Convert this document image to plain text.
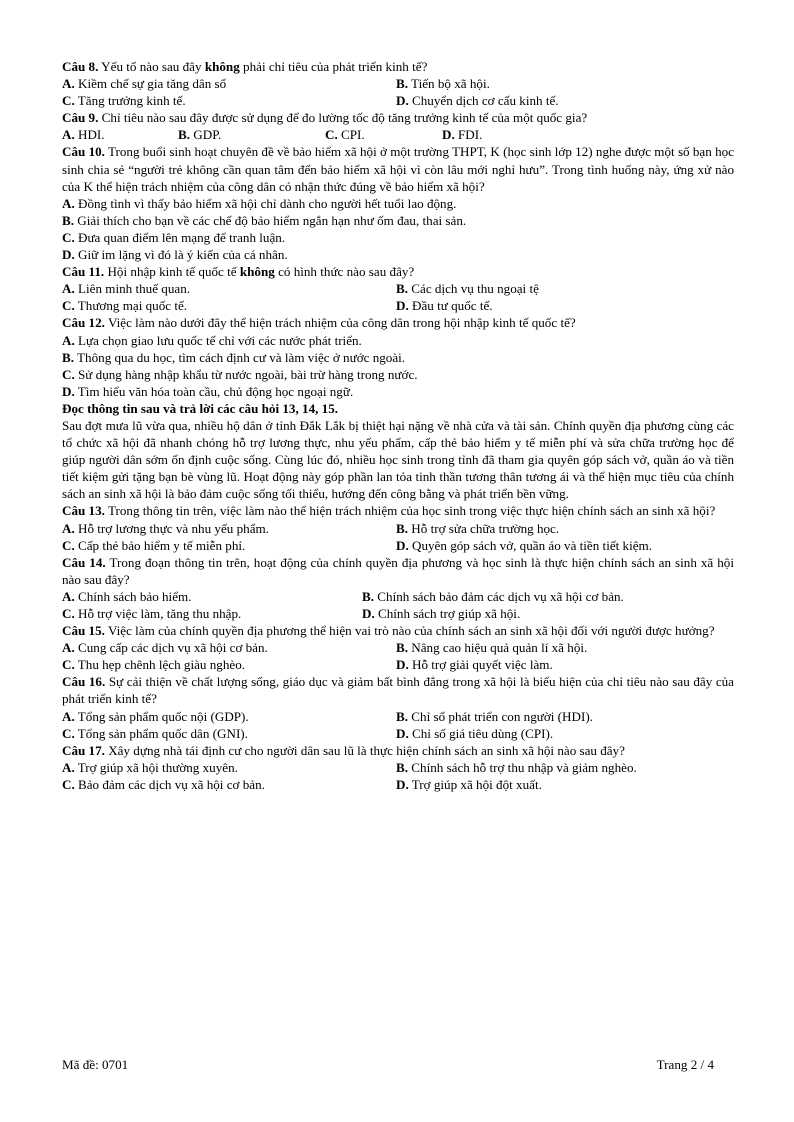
Câu 8. Yếu tố nào sau đây không phải chỉ tiêu của phát triển kinh tế?

A. Kiềm chế sự gia tăng dân số	B. Tiến bộ xã hội.
C. Tăng trưởng kinh tế.	D. Chuyển dịch cơ cấu kinh tế.

Câu 9. Chỉ tiêu nào sau đây được sử dụng để đo lường tốc độ tăng trưởng kinh tế của một quốc gia?

A. HDI.	B. GDP.	C. CPI.	D. FDI.

Câu 10. Trong buổi sinh hoạt chuyên đề về bảo hiểm xã hội ở một trường THPT, K (học sinh lớp 12) nghe được một số bạn học sinh chia sẻ “người trẻ không cần quan tâm đến bảo hiểm xã hội vì còn lâu mới nghỉ hưu”. Trong tình huống này, ứng xử nào của K thể hiện trách nhiệm của công dân có nhận thức đúng về bảo hiểm xã hội?

A. Đồng tình vì thấy bảo hiểm xã hội chỉ dành cho người hết tuổi lao động.

B. Giải thích cho bạn về các chế độ bảo hiểm ngắn hạn như ốm đau, thai sản.

C. Đưa quan điểm lên mạng để tranh luận.

D. Giữ im lặng vì đó là ý kiến của cá nhân.

Câu 11. Hội nhập kinh tế quốc tế không có hình thức nào sau đây?

A. Liên minh thuế quan.	B. Các dịch vụ thu ngoại tệ
C. Thương mại quốc tế.	D. Đầu tư quốc tế.

Câu 12. Việc làm nào dưới đây thể hiện trách nhiệm của công dân trong hội nhập kinh tế quốc tế?

A. Lựa chọn giao lưu quốc tế chỉ với các nước phát triển.

B. Thông qua du học, tìm cách định cư và làm việc ở nước ngoài.

C. Sử dụng hàng nhập khẩu từ nước ngoài, bài trừ hàng trong nước.

D. Tìm hiểu văn hóa toàn cầu, chủ động học ngoại ngữ.

Đọc thông tin sau và trả lời các câu hỏi 13, 14, 15.

Sau đợt mưa lũ vừa qua, nhiều hộ dân ở tỉnh Đắk Lắk bị thiệt hại nặng về nhà cửa và tài sản. Chính quyền địa phương cùng các tổ chức xã hội đã nhanh chóng hỗ trợ lương thực, nhu yếu phẩm, cấp thẻ bảo hiểm y tế miễn phí và sửa chữa trường học để giúp người dân sớm ổn định cuộc sống. Cùng lúc đó, nhiều học sinh trong tỉnh đã tham gia quyên góp sách vở, quần áo và tiền tiết kiệm gửi tặng bạn bè vùng lũ. Hoạt động này góp phần lan tỏa tinh thần tương thân tương ái và thể hiện mục tiêu của chính sách an sinh xã hội là bảo đảm cuộc sống tối thiểu, hướng đến công bằng và phát triển bền vững.

Câu 13. Trong thông tin trên, việc làm nào thể hiện trách nhiệm của học sinh trong việc thực hiện chính sách an sinh xã hội?

A. Hỗ trợ lương thực và nhu yếu phẩm.	B. Hỗ trợ sửa chữa trường học.
C. Cấp thẻ bảo hiểm y tế miễn phí.	D. Quyên góp sách vở, quần áo và tiền tiết kiệm.

Câu 14. Trong đoạn thông tin trên, hoạt động của chính quyền địa phương và học sinh là thực hiện chính sách an sinh xã hội nào sau đây?

A. Chính sách bảo hiểm.	B. Chính sách bảo đảm các dịch vụ xã hội cơ bản.
C. Hỗ trợ việc làm, tăng thu nhập.	D. Chính sách trợ giúp xã hội.

Câu 15. Việc làm của chính quyền địa phương thể hiện vai trò nào của chính sách an sinh xã hội đối với người được hưởng?

A. Cung cấp các dịch vụ xã hội cơ bản.	B. Nâng cao hiệu quả quản lí xã hội.
C. Thu hẹp chênh lệch giàu nghèo.	D. Hỗ trợ giải quyết việc làm.

Câu 16. Sự cải thiện về chất lượng sống, giáo dục và giảm bất bình đẳng trong xã hội là biểu hiện của chỉ tiêu nào sau đây của phát triển kinh tế?

A. Tổng sản phẩm quốc nội (GDP).	B. Chỉ số phát triển con người (HDI).
C. Tổng sản phẩm quốc dân (GNI).	D. Chỉ số giá tiêu dùng (CPI).

Câu 17. Xây dựng nhà tái định cư cho người dân sau lũ là thực hiện chính sách an sinh xã hội nào sau đây?

A. Trợ giúp xã hội thường xuyên.	B. Chính sách hỗ trợ thu nhập và giảm nghèo.
C. Bảo đảm các dịch vụ xã hội cơ bản.	D. Trợ giúp xã hội đột xuất.
Mã đề: 0701	Trang 2 / 4
